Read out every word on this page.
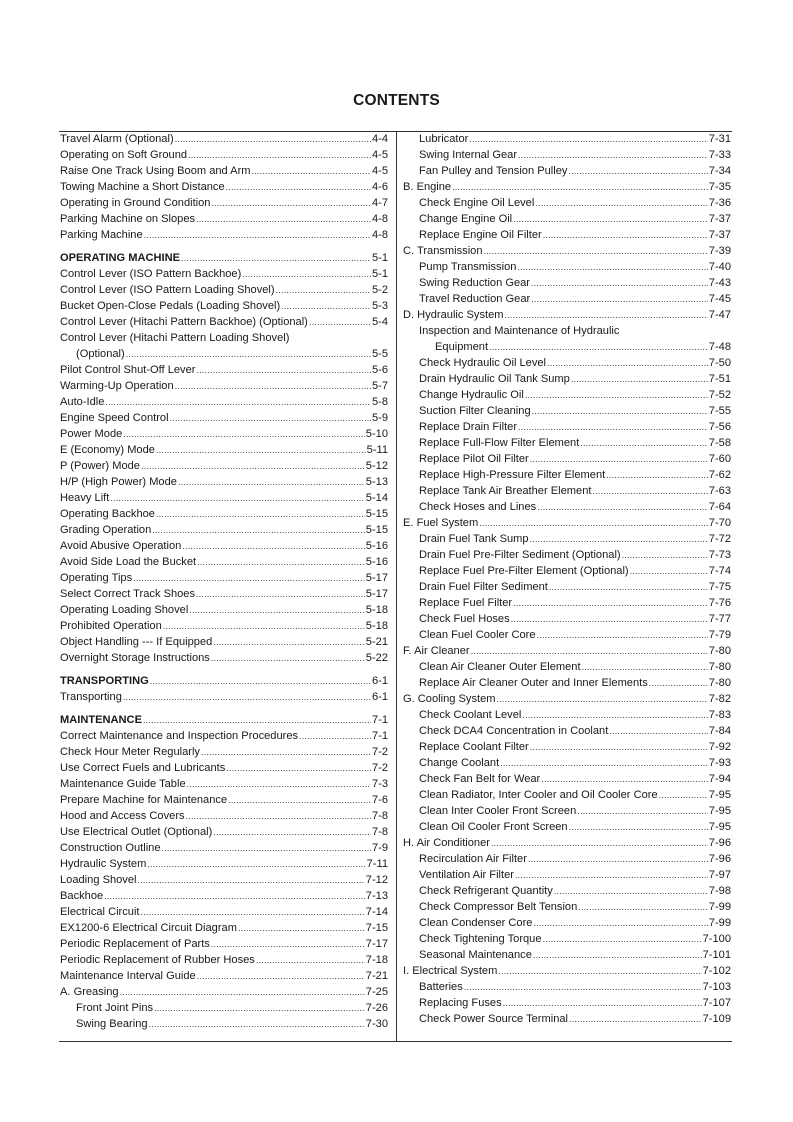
CONTENTS
Travel Alarm (Optional) .....	4-4
Operating on Soft Ground .....	4-5
Raise One Track Using Boom and Arm .....	4-5
Towing Machine a Short Distance .....	4-6
Operating in Ground Condition .....	4-7
Parking Machine on Slopes .....	4-8
Parking Machine .....	4-8
OPERATING MACHINE .....	5-1
Control Lever (ISO Pattern Backhoe) .....	5-1
Control Lever (ISO Pattern Loading Shovel) .....	5-2
Bucket Open-Close Pedals (Loading Shovel) .....	5-3
Control Lever (Hitachi Pattern Backhoe) (Optional) .....	5-4
Control Lever (Hitachi Pattern Loading Shovel)
(Optional) .....	5-5
Pilot Control Shut-Off Lever .....	5-6
Warming-Up Operation .....	5-7
Auto-Idle .....	5-8
Engine Speed Control .....	5-9
Power Mode .....	5-10
E (Economy) Mode .....	5-11
P (Power) Mode .....	5-12
H/P (High Power) Mode .....	5-13
Heavy Lift .....	5-14
Operating Backhoe .....	5-15
Grading Operation .....	5-15
Avoid Abusive Operation .....	5-16
Avoid Side Load the Bucket .....	5-16
Operating Tips .....	5-17
Select Correct Track Shoes .....	5-17
Operating Loading Shovel .....	5-18
Prohibited Operation .....	5-18
Object Handling --- If Equipped .....	5-21
Overnight Storage Instructions .....	5-22
TRANSPORTING .....	6-1
Transporting .....	6-1
MAINTENANCE .....	7-1
Correct Maintenance and Inspection Procedures .....	7-1
Check Hour Meter Regularly .....	7-2
Use Correct Fuels and Lubricants .....	7-2
Maintenance Guide Table .....	7-3
Prepare Machine for Maintenance .....	7-6
Hood and Access Covers .....	7-8
Use Electrical Outlet (Optional) .....	7-8
Construction Outline .....	7-9
Hydraulic System .....	7-11
Loading Shovel .....	7-12
Backhoe .....	7-13
Electrical Circuit .....	7-14
EX1200-6 Electrical Circuit Diagram .....	7-15
Periodic Replacement of Parts .....	7-17
Periodic Replacement of Rubber Hoses .....	7-18
Maintenance Interval Guide .....	7-21
A. Greasing .....	7-25
Front Joint Pins .....	7-26
Swing Bearing .....	7-30
Lubricator .....	7-31
Swing Internal Gear .....	7-33
Fan Pulley and Tension Pulley .....	7-34
B. Engine .....	7-35
Check Engine Oil Level .....	7-36
Change Engine Oil .....	7-37
Replace Engine Oil Filter .....	7-37
C. Transmission .....	7-39
Pump Transmission .....	7-40
Swing Reduction Gear .....	7-43
Travel Reduction Gear .....	7-45
D. Hydraulic System .....	7-47
Inspection and Maintenance of Hydraulic
Equipment .....	7-48
Check Hydraulic Oil Level .....	7-50
Drain Hydraulic Oil Tank Sump .....	7-51
Change Hydraulic Oil .....	7-52
Suction Filter Cleaning .....	7-55
Replace Drain Filter .....	7-56
Replace Full-Flow Filter Element .....	7-58
Replace Pilot Oil Filter .....	7-60
Replace High-Pressure Filter Element .....	7-62
Replace Tank Air Breather Element .....	7-63
Check Hoses and Lines .....	7-64
E. Fuel System .....	7-70
Drain Fuel Tank Sump .....	7-72
Drain Fuel Pre-Filter Sediment (Optional) .....	7-73
Replace Fuel Pre-Filter Element (Optional) .....	7-74
Drain Fuel Filter Sediment .....	7-75
Replace Fuel Filter .....	7-76
Check Fuel Hoses .....	7-77
Clean Fuel Cooler Core .....	7-79
F. Air Cleaner .....	7-80
Clean Air Cleaner Outer Element .....	7-80
Replace Air Cleaner Outer and Inner Elements .....	7-80
G. Cooling System .....	7-82
Check Coolant Level .....	7-83
Check DCA4 Concentration in Coolant .....	7-84
Replace Coolant Filter .....	7-92
Change Coolant .....	7-93
Check Fan Belt for Wear .....	7-94
Clean Radiator, Inter Cooler and Oil Cooler Core .....	7-95
Clean Inter Cooler Front Screen .....	7-95
Clean Oil Cooler Front Screen .....	7-95
H. Air Conditioner .....	7-96
Recirculation Air Filter .....	7-96
Ventilation Air Filter .....	7-97
Check Refrigerant Quantity .....	7-98
Check Compressor Belt Tension .....	7-99
Clean Condenser Core .....	7-99
Check Tightening Torque .....	7-100
Seasonal Maintenance .....	7-101
I. Electrical System .....	7-102
Batteries .....	7-103
Replacing Fuses .....	7-107
Check Power Source Terminal .....	7-109
